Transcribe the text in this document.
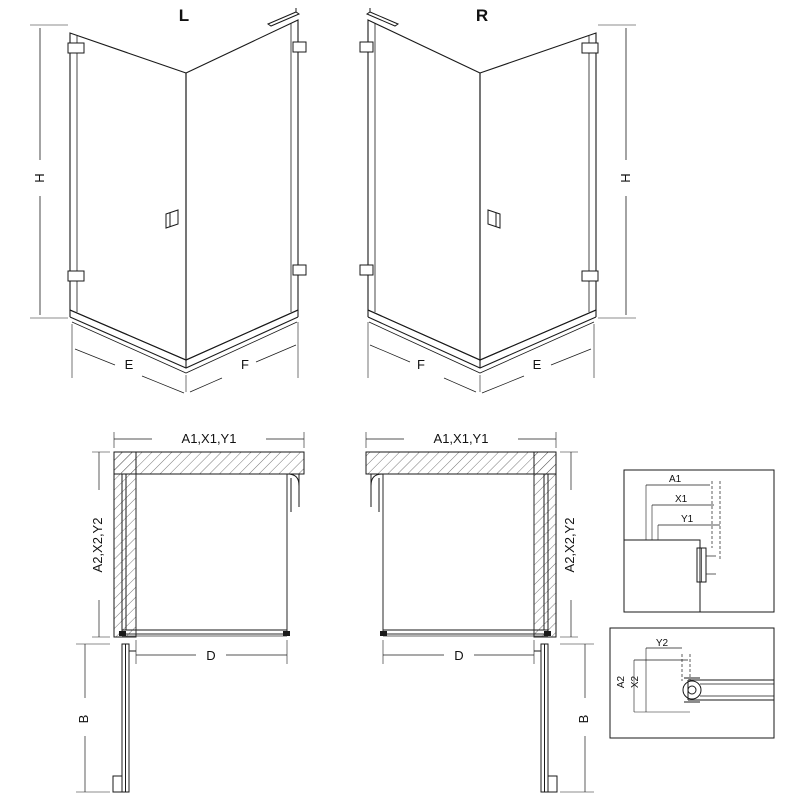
L
H
E	F
R
H
E
F
A1,X1,Y1
A2,X2,Y2
D
B
A1,X1,Y1
A2,X2,Y2
D
B
A1
X1
Y1
A2 X2
Y2
